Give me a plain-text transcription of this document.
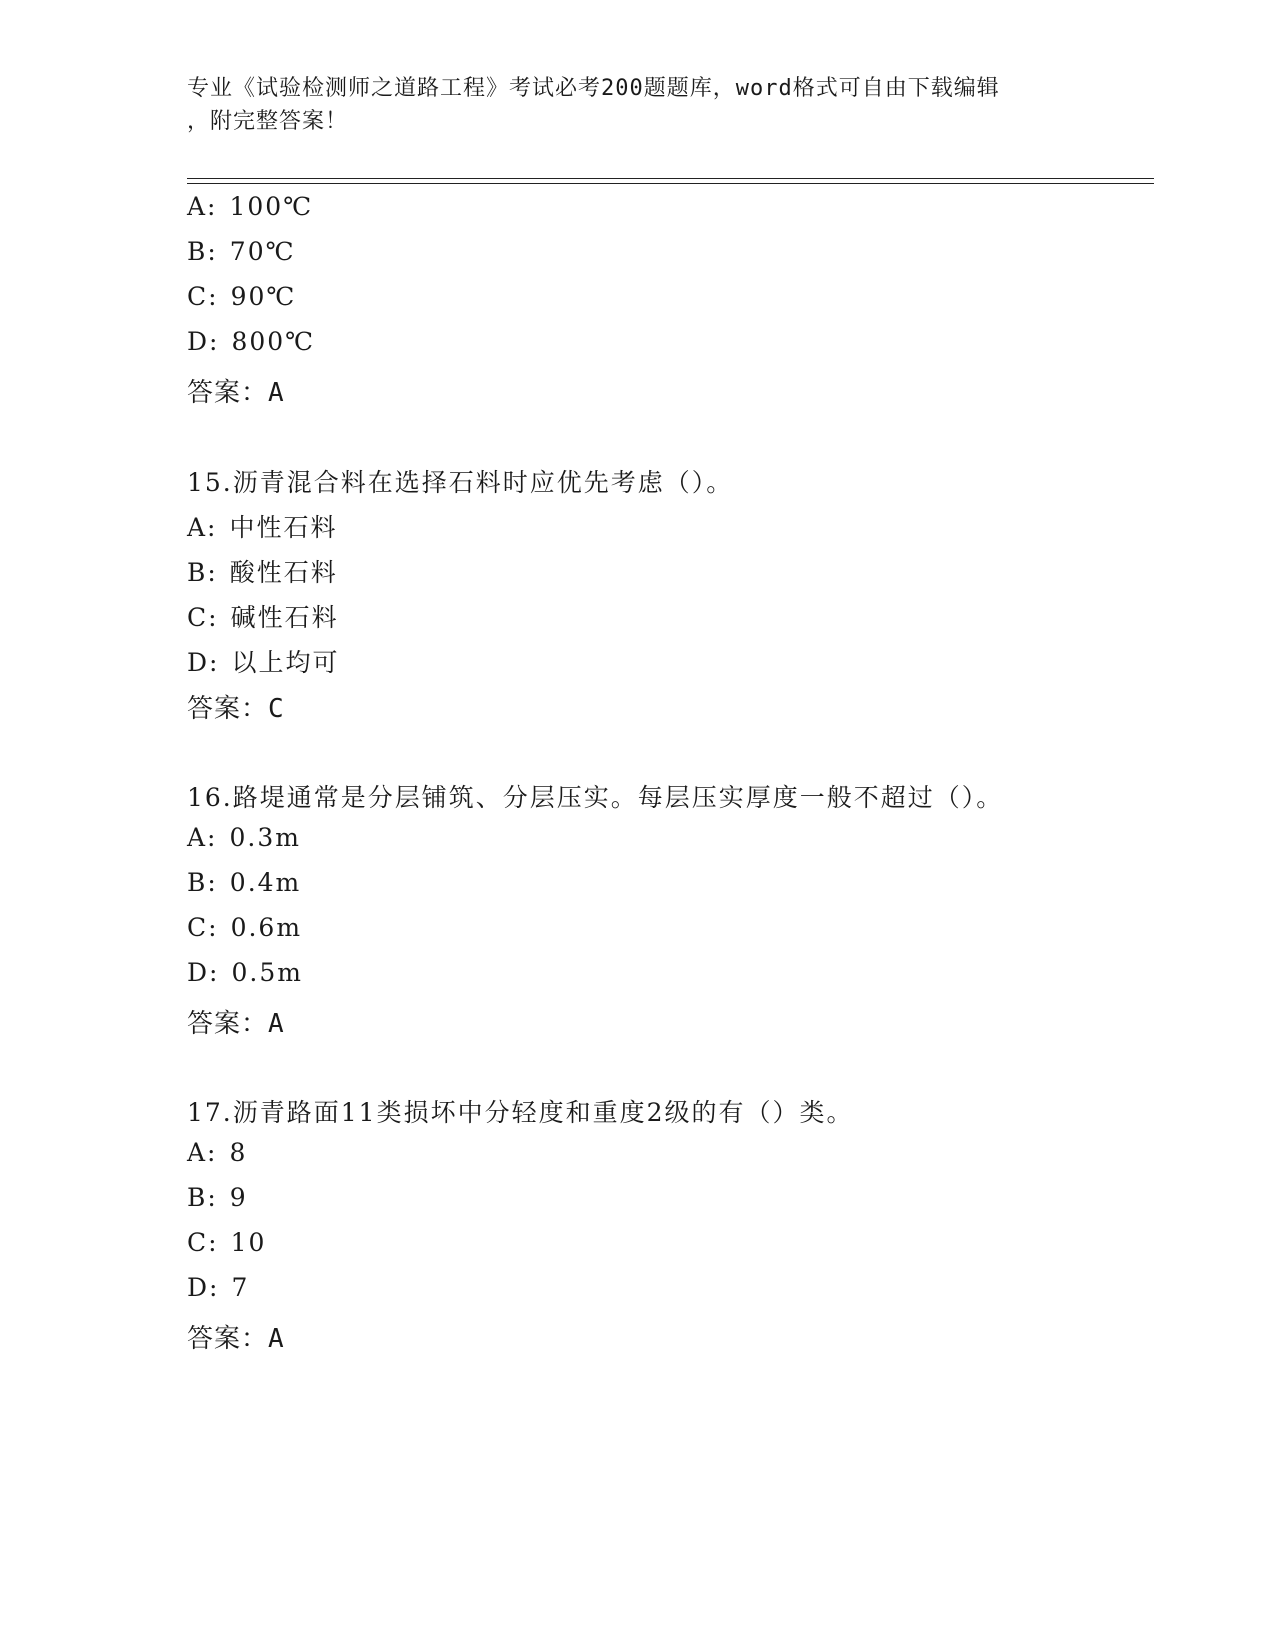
专业《试验检测师之道路工程》考试必考200题题库，word格式可自由下载编辑
，附完整答案！
A: 100℃
B: 70℃
C: 90℃
D: 800℃
答案：A
15.沥青混合料在选择石料时应优先考虑（）。
A: 中性石料
B: 酸性石料
C: 碱性石料
D: 以上均可
答案：C
16.路堤通常是分层铺筑、分层压实。每层压实厚度一般不超过（）。
A: 0.3m
B: 0.4m
C: 0.6m
D: 0.5m
答案：A
17.沥青路面11类损坏中分轻度和重度2级的有（）类。
A: 8
B: 9
C: 10
D: 7
答案：A
